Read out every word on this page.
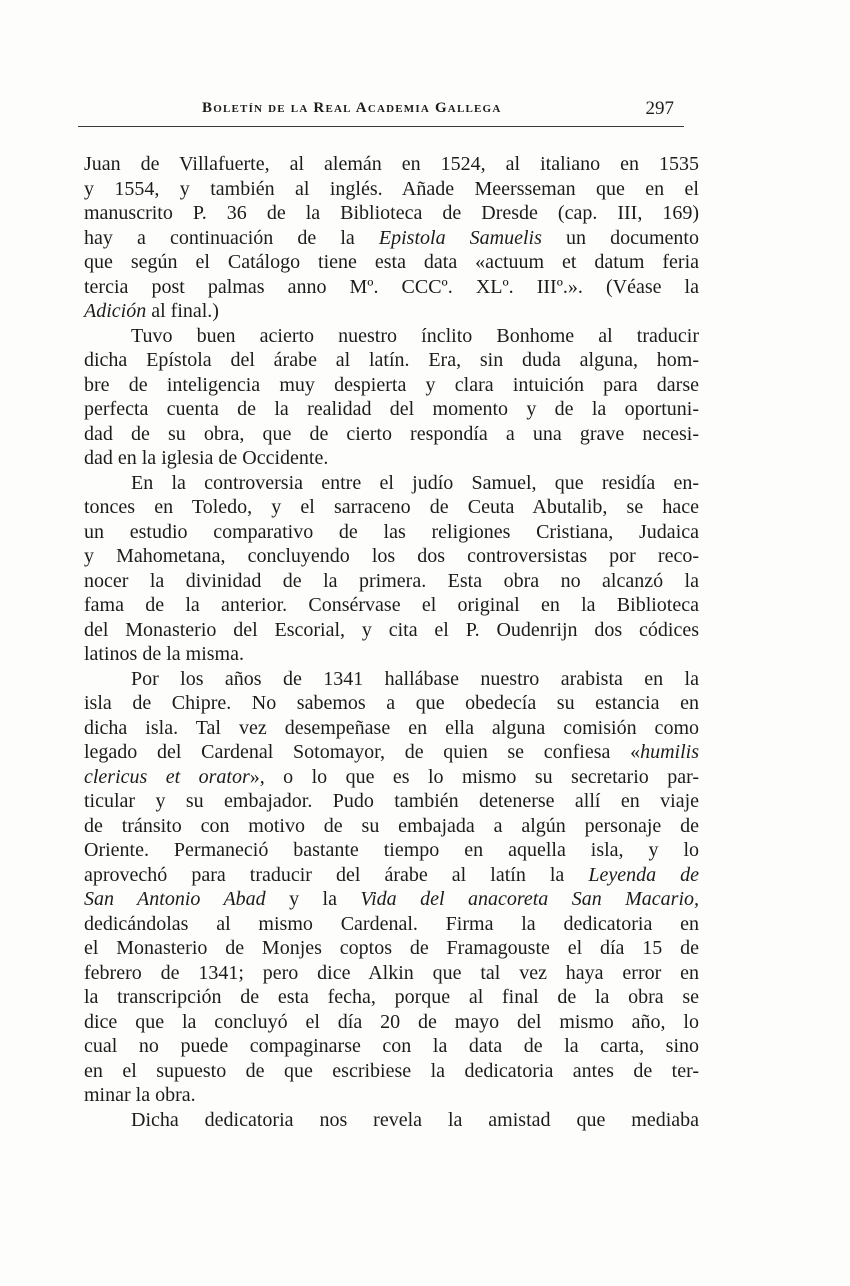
Boletín de la Real Academia Gallega	297
Juan de Villafuerte, al alemán en 1524, al italiano en 1535
y 1554, y también al inglés. Añade Meersseman que en el
manuscrito P. 36 de la Biblioteca de Dresde (cap. III, 169)
hay a continuación de la Epistola Samuelis un documento
que según el Catálogo tiene esta data «actuum et datum feria
tercia post palmas anno Mº. CCCº. XLº. IIIº.». (Véase la
Adición al final.)
Tuvo buen acierto nuestro ínclito Bonhome al traducir
dicha Epístola del árabe al latín. Era, sin duda alguna, hom-
bre de inteligencia muy despierta y clara intuición para darse
perfecta cuenta de la realidad del momento y de la oportuni-
dad de su obra, que de cierto respondía a una grave necesi-
dad en la iglesia de Occidente.
En la controversia entre el judío Samuel, que residía en-
tonces en Toledo, y el sarraceno de Ceuta Abutalib, se hace
un estudio comparativo de las religiones Cristiana, Judaica
y Mahometana, concluyendo los dos controversistas por reco-
nocer la divinidad de la primera. Esta obra no alcanzó la
fama de la anterior. Consérvase el original en la Biblioteca
del Monasterio del Escorial, y cita el P. Oudenrijn dos códices
latinos de la misma.
Por los años de 1341 hallábase nuestro arabista en la
isla de Chipre. No sabemos a que obedecía su estancia en
dicha isla. Tal vez desempeñase en ella alguna comisión como
legado del Cardenal Sotomayor, de quien se confiesa «humilis
clericus et orator», o lo que es lo mismo su secretario par-
ticular y su embajador. Pudo también detenerse allí en viaje
de tránsito con motivo de su embajada a algún personaje de
Oriente. Permaneció bastante tiempo en aquella isla, y lo
aprovechó para traducir del árabe al latín la Leyenda de
San Antonio Abad y la Vida del anacoreta San Macario,
dedicándolas al mismo Cardenal. Firma la dedicatoria en
el Monasterio de Monjes coptos de Framagouste el día 15 de
febrero de 1341; pero dice Alkin que tal vez haya error en
la transcripción de esta fecha, porque al final de la obra se
dice que la concluyó el día 20 de mayo del mismo año, lo
cual no puede compaginarse con la data de la carta, sino
en el supuesto de que escribiese la dedicatoria antes de ter-
minar la obra.
Dicha dedicatoria nos revela la amistad que mediaba
